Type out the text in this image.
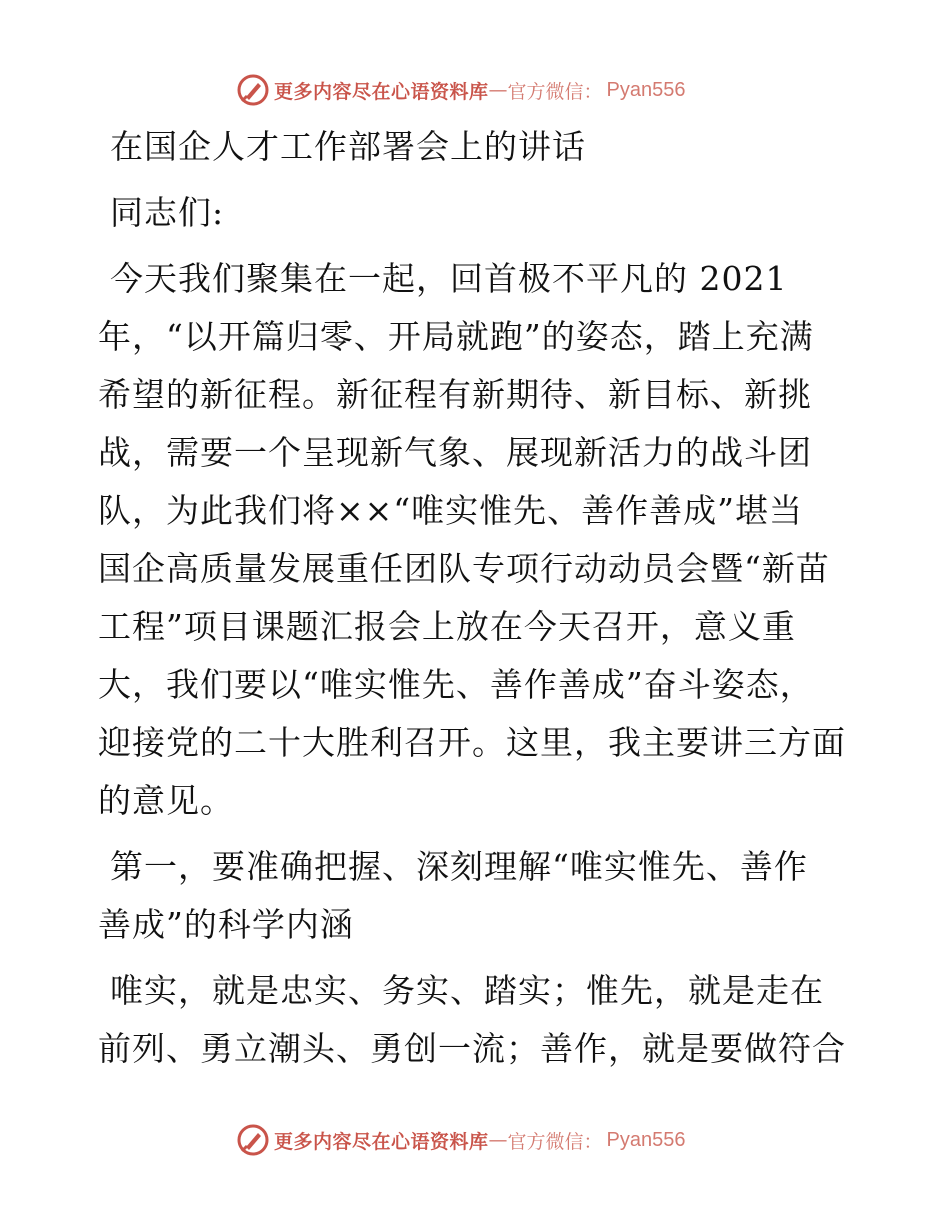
更多内容尽在心语资料库 — 官方微信： Pyan556
在国企人才工作部署会上的讲话
同志们:
今天我们聚集在一起，回首极不平凡的 2021
年，“以开篇归零、开局就跑”的姿态，踏上充满
希望的新征程。新征程有新期待、新目标、新挑
战，需要一个呈现新气象、展现新活力的战斗团
队，为此我们将××“唯实惟先、善作善成”堪当
国企高质量发展重任团队专项行动动员会暨“新苗
工程”项目课题汇报会上放在今天召开，意义重
大，我们要以“唯实惟先、善作善成”奋斗姿态，
迎接党的二十大胜利召开。这里，我主要讲三方面
的意见。
第一，要准确把握、深刻理解“唯实惟先、善作
善成”的科学内涵
唯实，就是忠实、务实、踏实；惟先，就是走在
前列、勇立潮头、勇创一流；善作，就是要做符合
更多内容尽在心语资料库 — 官方微信： Pyan556
